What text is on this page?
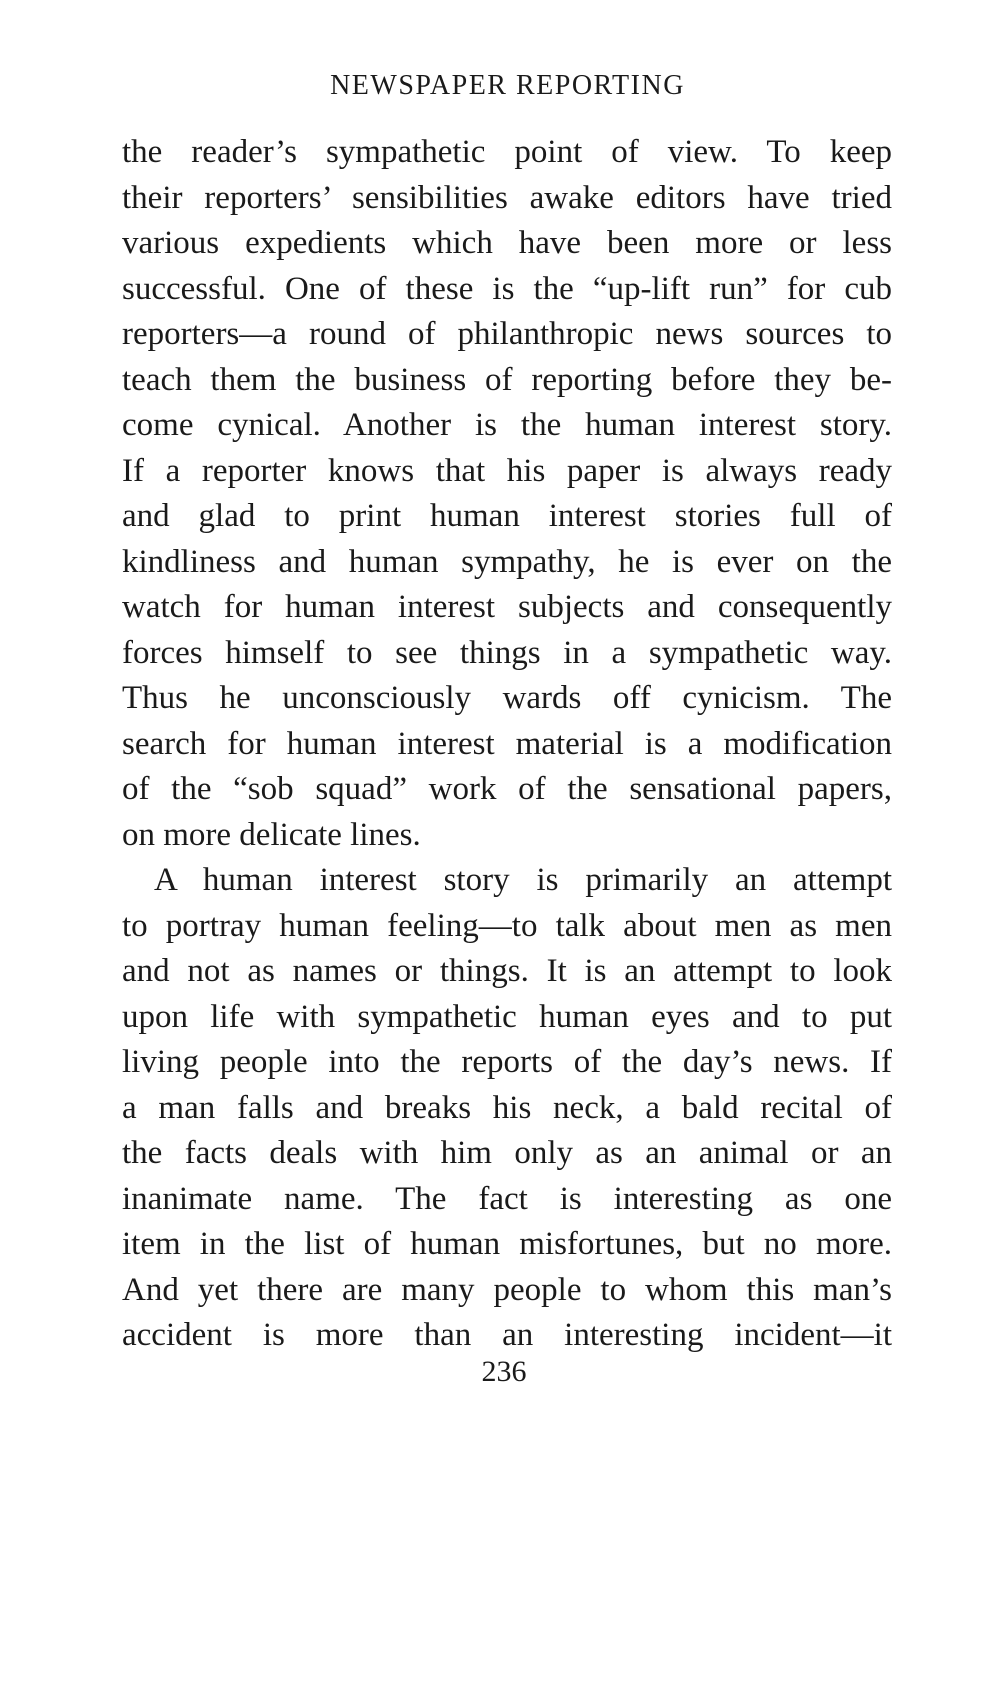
NEWSPAPER REPORTING
the reader’s sympathetic point of view. To keep
their reporters’ sensibilities awake editors have tried
various expedients which have been more or less
successful. One of these is the “up-lift run” for cub
reporters—a round of philanthropic news sources to
teach them the business of reporting before they be-
come cynical. Another is the human interest story.
If a reporter knows that his paper is always ready
and glad to print human interest stories full of
kindliness and human sympathy, he is ever on the
watch for human interest subjects and consequently
forces himself to see things in a sympathetic way.
Thus he unconsciously wards off cynicism. The
search for human interest material is a modification
of the “sob squad” work of the sensational papers,
on more delicate lines.
A human interest story is primarily an attempt
to portray human feeling—to talk about men as men
and not as names or things. It is an attempt to look
upon life with sympathetic human eyes and to put
living people into the reports of the day’s news. If
a man falls and breaks his neck, a bald recital of
the facts deals with him only as an animal or an
inanimate name. The fact is interesting as one
item in the list of human misfortunes, but no more.
And yet there are many people to whom this man’s
accident is more than an interesting incident—it
236
